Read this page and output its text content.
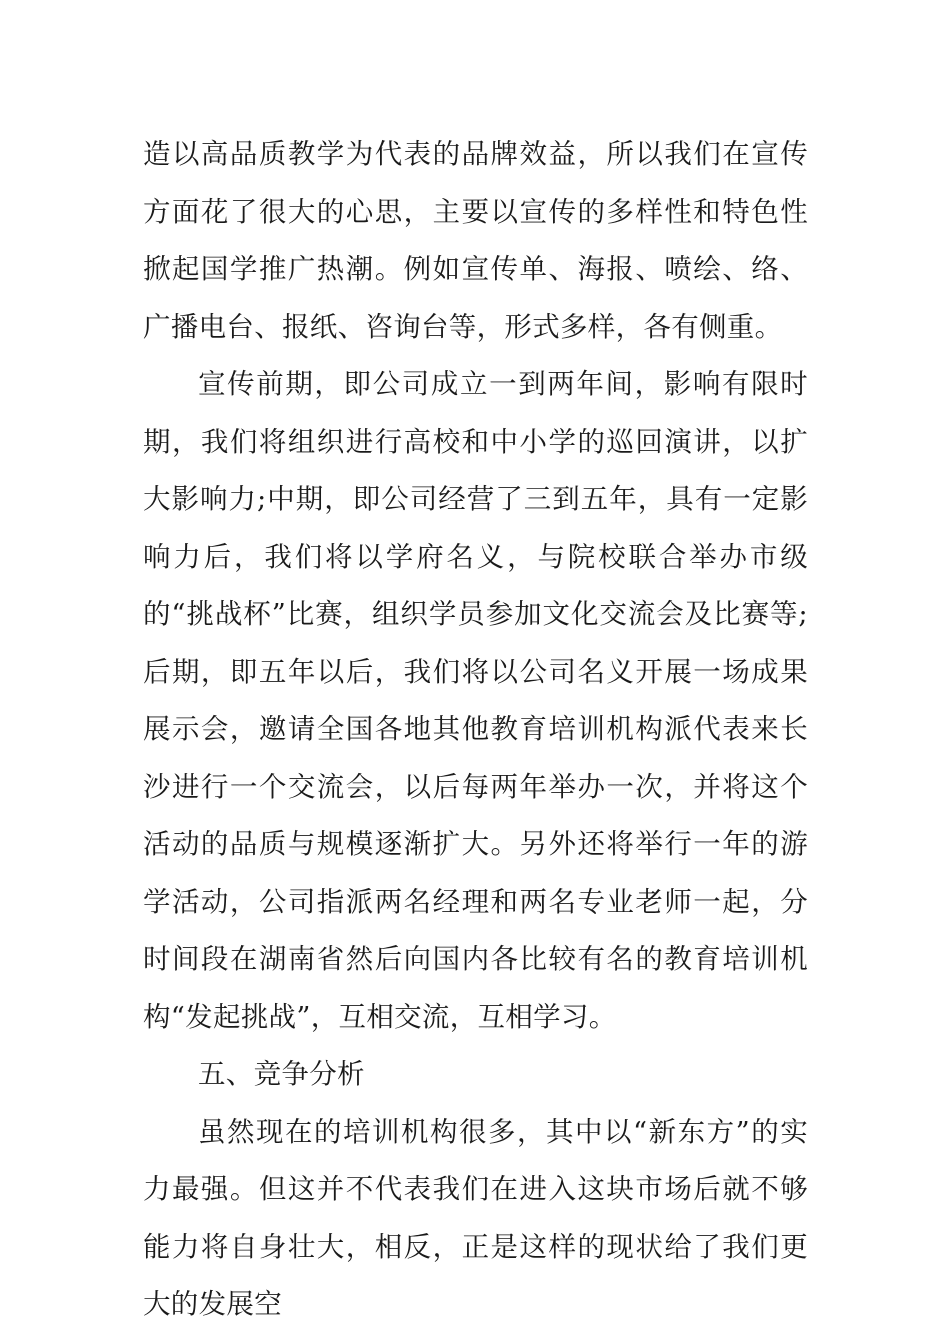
造以高品质教学为代表的品牌效益，所以我们在宣传方面花了很大的心思，主要以宣传的多样性和特色性掀起国学推广热潮。例如宣传单、海报、喷绘、络、广播电台、报纸、咨询台等，形式多样，各有侧重。

宣传前期，即公司成立一到两年间，影响有限时期，我们将组织进行高校和中小学的巡回演讲，以扩大影响力;中期，即公司经营了三到五年，具有一定影响力后，我们将以学府名义，与院校联合举办市级的“挑战杯”比赛，组织学员参加文化交流会及比赛等;后期，即五年以后，我们将以公司名义开展一场成果展示会，邀请全国各地其他教育培训机构派代表来长沙进行一个交流会，以后每两年举办一次，并将这个活动的品质与规模逐渐扩大。另外还将举行一年的游学活动，公司指派两名经理和两名专业老师一起，分时间段在湖南省然后向国内各比较有名的教育培训机构“发起挑战”，互相交流，互相学习。

五、竞争分析

虽然现在的培训机构很多，其中以“新东方”的实力最强。但这并不代表我们在进入这块市场后就不够能力将自身壮大，相反，正是这样的现状给了我们更大的发展空
